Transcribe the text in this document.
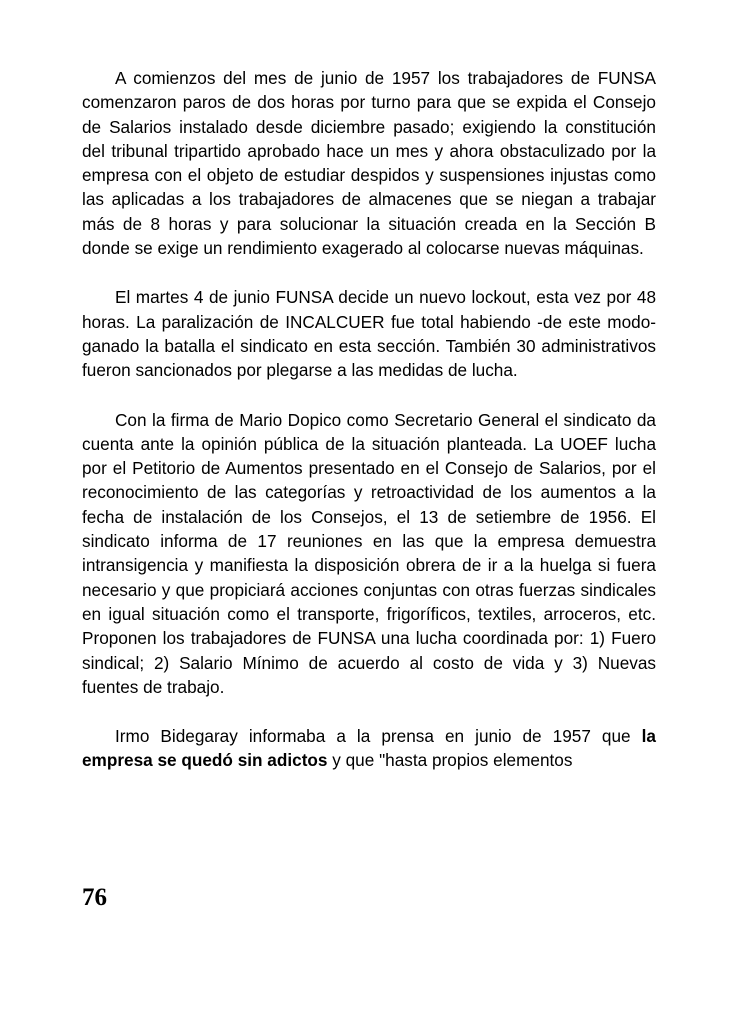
A comienzos del mes de junio de 1957 los trabajadores de FUNSA comenzaron paros de dos horas por turno para que se expida el Consejo de Salarios instalado desde diciembre pasado; exigiendo la constitución del tribunal tripartido aprobado hace un mes y ahora obstaculizado por la empresa con el objeto de estudiar despidos y suspensiones injustas como las aplicadas a los trabajadores de almacenes que se niegan a trabajar más de 8 horas y para solucionar la situación creada en la Sección B donde se exige un rendimiento exagerado al colocarse nuevas máquinas.

El martes 4 de junio FUNSA decide un nuevo lockout, esta vez por 48 horas. La paralización de INCALCUER fue total habiendo -de este modo- ganado la batalla el sindicato en esta sección. También 30 administrativos fueron sancionados por plegarse a las medidas de lucha.

Con la firma de Mario Dopico como Secretario General el sindicato da cuenta ante la opinión pública de la situación planteada. La UOEF lucha por el Petitorio de Aumentos presentado en el Consejo de Salarios, por el reconocimiento de las categorías y retroactividad de los aumentos a la fecha de instalación de los Consejos, el 13 de setiembre de 1956. El sindicato informa de 17 reuniones en las que la empresa demuestra intransigencia y manifiesta la disposición obrera de ir a la huelga si fuera necesario y que propiciará acciones conjuntas con otras fuerzas sindicales en igual situación como el transporte, frigoríficos, textiles, arroceros, etc. Proponen los trabajadores de FUNSA una lucha coordinada por: 1) Fuero sindical; 2) Salario Mínimo de acuerdo al costo de vida y 3) Nuevas fuentes de trabajo.

Irmo Bidegaray informaba a la prensa en junio de 1957 que la empresa se quedó sin adictos y que "hasta propios elementos

76
